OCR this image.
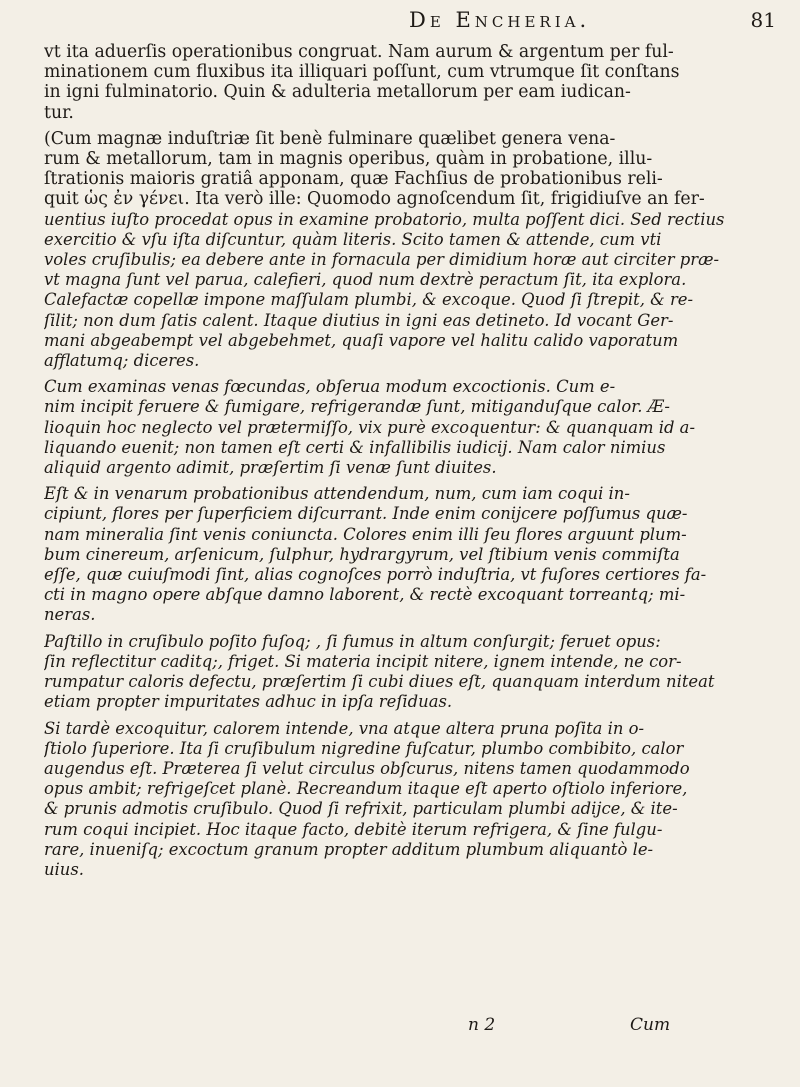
De Encheria.	81
vt ita aduerſis operationibus congruat. Nam aurum & argentum per ful-
minationem cum fluxibus ita illiquari poſſunt, cum vtrumque ſit conſtans
in igni fulminatorio. Quin & adulteria metallorum per eam iudican-
tur.
(Cum magnæ induſtriæ ſit benè fulminare quælibet genera vena-
rum & metallorum, tam in magnis operibus, quàm in probatione, illu-
ſtrationis maioris gratiâ apponam, quæ Fachſius de probationibus reli-
quit ὡς ἐν γένει. Ita verò ille: Quomodo agnoſcendum ſit, frigidiuſve an fer-
uentius iuſto procedat opus in examine probatorio, multa poſſent dici. Sed rectius
exercitio & vſu iſta diſcuntur, quàm literis. Scito tamen & attende, cum vti
voles cruſibulis; ea debere ante in fornacula per dimidium horæ aut circiter præ-
vt magna ſunt vel parua, calefieri, quod num dextrè peractum ſit, ita explora.
Calefactæ copellæ impone maſſulam plumbi, & excoque. Quod ſi ſtrepit, & re-
ſilit; non dum ſatis calent. Itaque diutius in igni eas detineto. Id vocant Ger-
mani abgeabempt vel abgebehmet, quaſi vapore vel halitu calido vaporatum
afflatumq; diceres.
Cum examinas venas fœcundas, obſerua modum excoctionis. Cum e-
nim incipit feruere & fumigare, refrigerandæ ſunt, mitiganduſque calor. Æ-
lioquin hoc neglecto vel prætermiſſo, vix purè excoquentur: & quanquam id a-
liquando euenit; non tamen eſt certi & infallibilis iudicij. Nam calor nimius
aliquid argento adimit, præſertim ſi venæ ſunt diuites.
Eſt & in venarum probationibus attendendum, num, cum iam coqui in-
cipiunt, flores per ſuperficiem diſcurrant. Inde enim conijcere poſſumus quæ-
nam mineralia ſint venis coniuncta. Colores enim illi ſeu flores arguunt plum-
bum cinereum, arſenicum, ſulphur, hydrargyrum, vel ſtibium venis commiſta
eſſe, quæ cuiuſmodi ſint, alias cognoſces porrò induſtria, vt fuſores certiores fa-
cti in magno opere abſque damno laborent, & rectè excoquant torreantq; mi-
neras.
Paſtillo in cruſibulo poſito fuſoq; , ſi fumus in altum conſurgit; feruet opus:
ſin reflectitur caditq;, friget. Si materia incipit nitere, ignem intende, ne cor-
rumpatur caloris defectu, præſertim ſi cubi diues eſt, quanquam interdum niteat
etiam propter impuritates adhuc in ipſa reſiduas.
Si tardè excoquitur, calorem intende, vna atque altera pruna poſita in o-
ſtiolo ſuperiore. Ita ſi cruſibulum nigredine fuſcatur, plumbo combibito, calor
augendus eſt. Præterea ſi velut circulus obſcurus, nitens tamen quodammodo
opus ambit; refrigeſcet planè. Recreandum itaque eſt aperto oſtiolo inferiore,
& prunis admotis cruſibulo. Quod ſi refrixit, particulam plumbi adijce, & ite-
rum coqui incipiet. Hoc itaque facto, debitè iterum refrigera, & ſine fulgu-
rare, inueniſq; excoctum granum propter additum plumbum aliquantò le-
uius.
n 2	Cum
